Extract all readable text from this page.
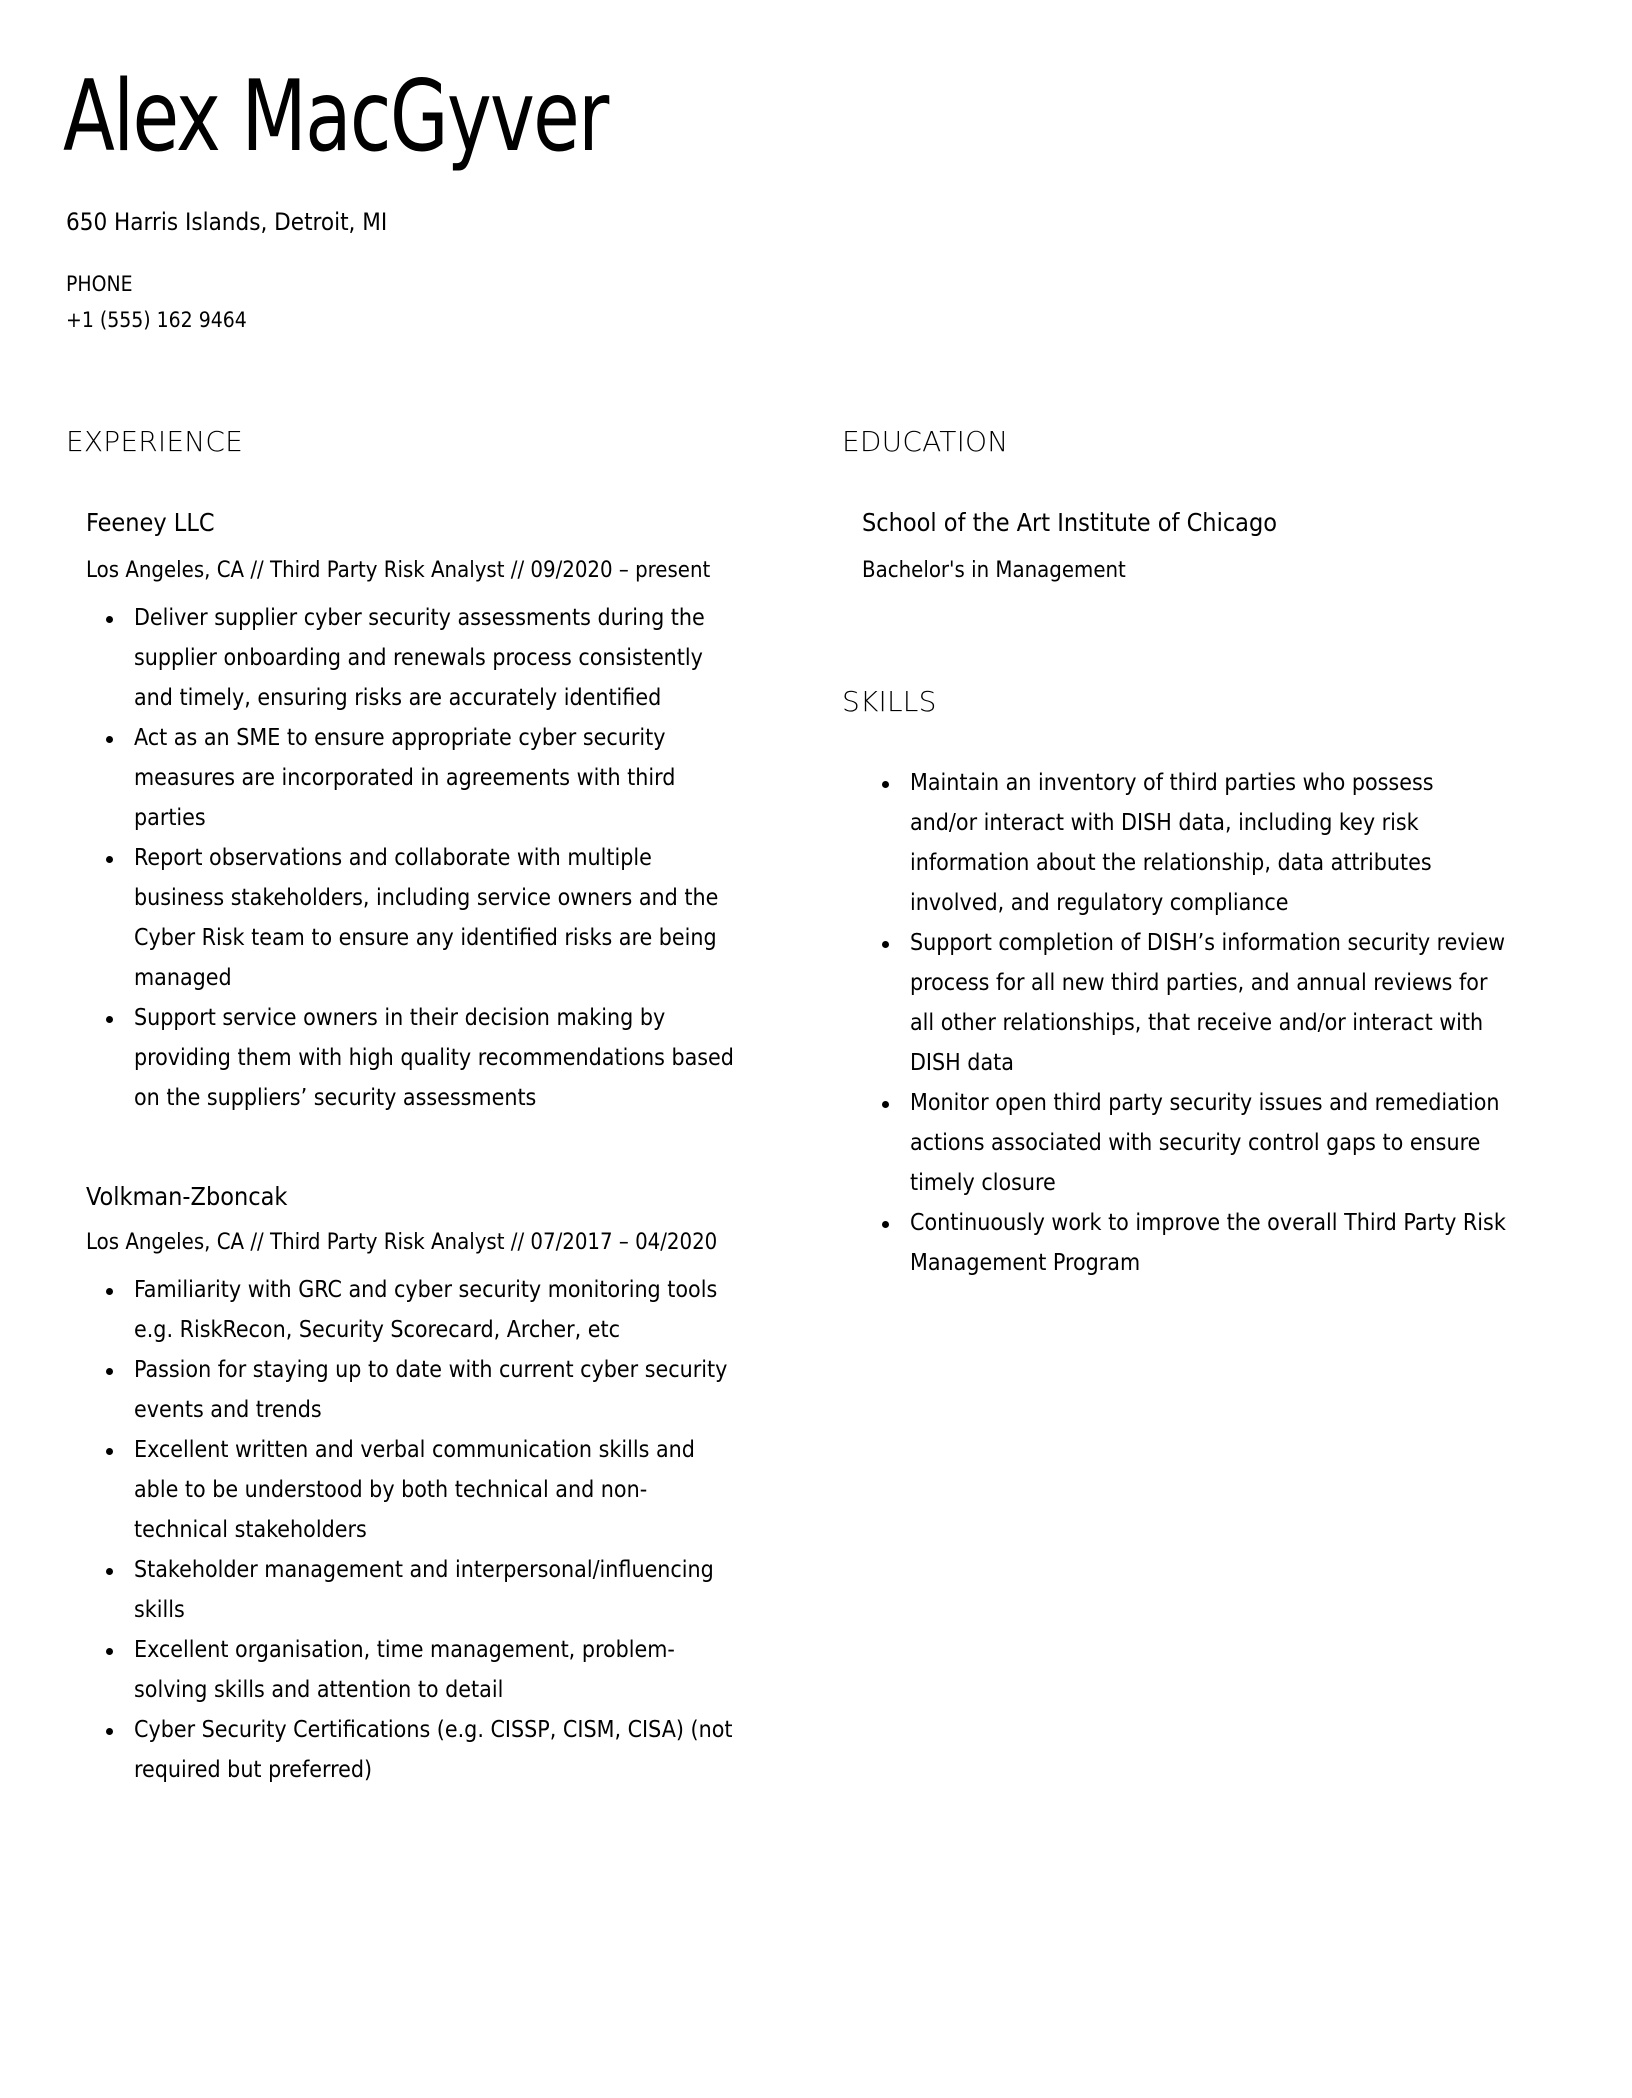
Alex MacGyver
650 Harris Islands, Detroit, MI
PHONE
+1 (555) 162 9464
EXPERIENCE
Feeney LLC
Los Angeles, CA // Third Party Risk Analyst // 09/2020 – present
Deliver supplier cyber security assessments during the
supplier onboarding and renewals process consistently
and timely, ensuring risks are accurately identified
Act as an SME to ensure appropriate cyber security
measures are incorporated in agreements with third
parties
Report observations and collaborate with multiple
business stakeholders, including service owners and the
Cyber Risk team to ensure any identified risks are being
managed
Support service owners in their decision making by
providing them with high quality recommendations based
on the suppliers’ security assessments
Volkman-Zboncak
Los Angeles, CA // Third Party Risk Analyst // 07/2017 – 04/2020
Familiarity with GRC and cyber security monitoring tools
e.g. RiskRecon, Security Scorecard, Archer, etc
Passion for staying up to date with current cyber security
events and trends
Excellent written and verbal communication skills and
able to be understood by both technical and non-
technical stakeholders
Stakeholder management and interpersonal/influencing
skills
Excellent organisation, time management, problem-
solving skills and attention to detail
Cyber Security Certifications (e.g. CISSP, CISM, CISA) (not
required but preferred)
EDUCATION
School of the Art Institute of Chicago
Bachelor's in Management
SKILLS
Maintain an inventory of third parties who possess
and/or interact with DISH data, including key risk
information about the relationship, data attributes
involved, and regulatory compliance
Support completion of DISH’s information security review
process for all new third parties, and annual reviews for
all other relationships, that receive and/or interact with
DISH data
Monitor open third party security issues and remediation
actions associated with security control gaps to ensure
timely closure
Continuously work to improve the overall Third Party Risk
Management Program
